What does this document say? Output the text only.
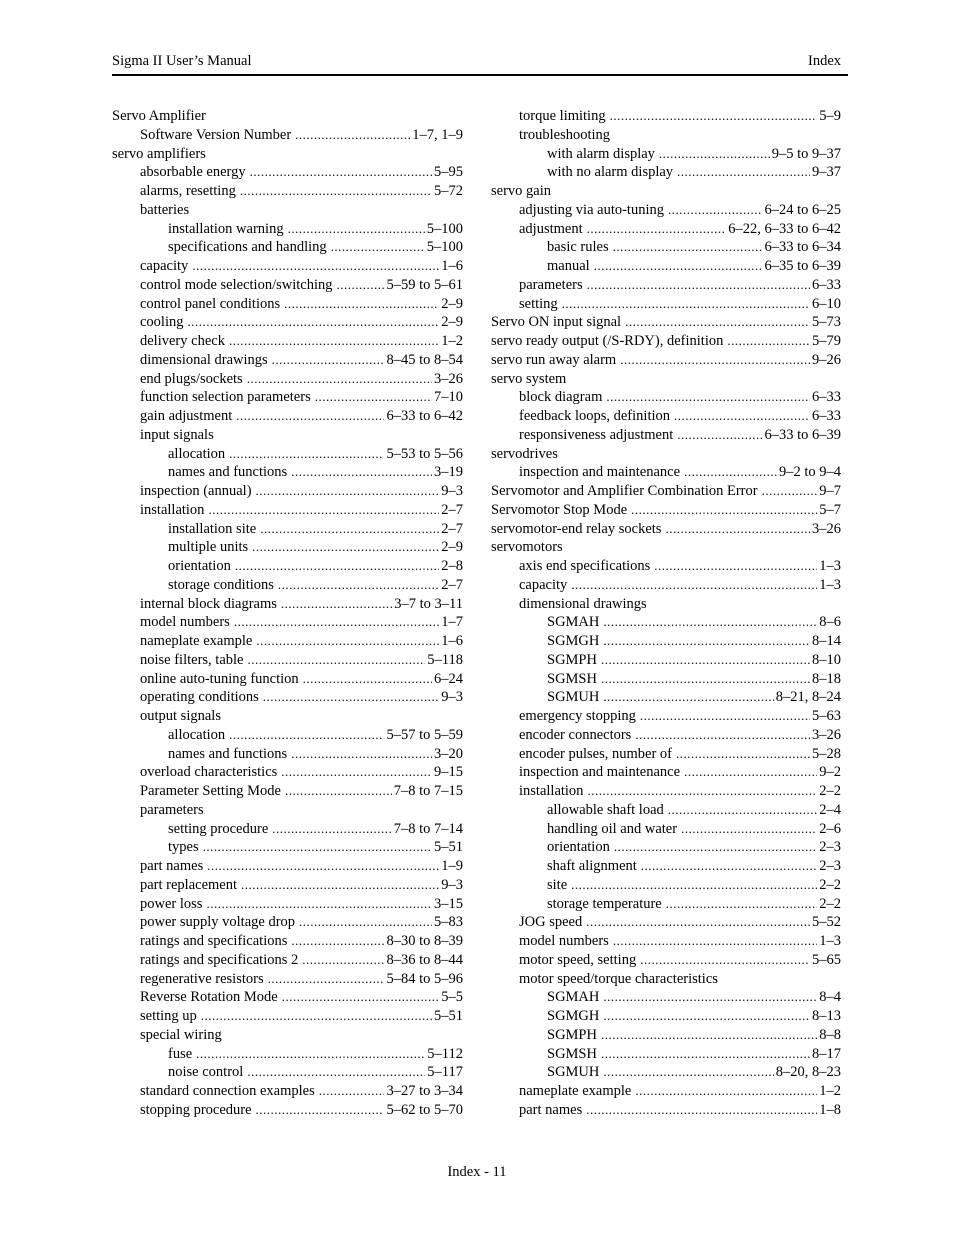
Sigma II User’s Manual	Index
Servo Amplifier
Software Version Number .....	1–7, 1–9
servo amplifiers
absorbable energy .....	5–95
alarms, resetting .....	5–72
batteries
installation warning .....	5–100
specifications and handling .....	5–100
capacity .....	1–6
control mode selection/switching .....	5–59 to 5–61
control panel conditions .....	2–9
cooling .....	2–9
delivery check .....	1–2
dimensional drawings .....	8–45 to 8–54
end plugs/sockets .....	3–26
function selection parameters .....	7–10
gain adjustment .....	6–33 to 6–42
input signals
allocation .....	5–53 to 5–56
names and functions .....	3–19
inspection (annual) .....	9–3
installation .....	2–7
installation site .....	2–7
multiple units .....	2–9
orientation .....	2–8
storage conditions .....	2–7
internal block diagrams .....	3–7 to 3–11
model numbers .....	1–7
nameplate example .....	1–6
noise filters, table .....	5–118
online auto-tuning function .....	6–24
operating conditions .....	9–3
output signals
allocation .....	5–57 to 5–59
names and functions .....	3–20
overload characteristics .....	9–15
Parameter Setting Mode .....	7–8 to 7–15
parameters
setting procedure .....	7–8 to 7–14
types .....	5–51
part names .....	1–9
part replacement .....	9–3
power loss .....	3–15
power supply voltage drop .....	5–83
ratings and specifications .....	8–30 to 8–39
ratings and specifications 2 .....	8–36 to 8–44
regenerative resistors .....	5–84 to 5–96
Reverse Rotation Mode .....	5–5
setting up .....	5–51
special wiring
fuse .....	5–112
noise control .....	5–117
standard connection examples .....	3–27 to 3–34
stopping procedure .....	5–62 to 5–70
torque limiting .....	5–9
troubleshooting
with alarm display .....	9–5 to 9–37
with no alarm display .....	9–37
servo gain
adjusting via auto-tuning .....	6–24 to 6–25
adjustment .....	6–22, 6–33 to 6–42
basic rules .....	6–33 to 6–34
manual .....	6–35 to 6–39
parameters .....	6–33
setting .....	6–10
Servo ON input signal .....	5–73
servo ready output (/S-RDY), definition .....	5–79
servo run away alarm .....	9–26
servo system
block diagram .....	6–33
feedback loops, definition .....	6–33
responsiveness adjustment .....	6–33 to 6–39
servodrives
inspection and maintenance .....	9–2 to 9–4
Servomotor and Amplifier Combination Error .....	9–7
Servomotor Stop Mode .....	5–7
servomotor-end relay sockets .....	3–26
servomotors
axis end specifications .....	1–3
capacity .....	1–3
dimensional drawings
SGMAH .....	8–6
SGMGH .....	8–14
SGMPH .....	8–10
SGMSH .....	8–18
SGMUH .....	8–21, 8–24
emergency stopping .....	5–63
encoder connectors .....	3–26
encoder pulses, number of .....	5–28
inspection and maintenance .....	9–2
installation .....	2–2
allowable shaft load .....	2–4
handling oil and water .....	2–6
orientation .....	2–3
shaft alignment .....	2–3
site .....	2–2
storage temperature .....	2–2
JOG speed .....	5–52
model numbers .....	1–3
motor speed, setting .....	5–65
motor speed/torque characteristics
SGMAH .....	8–4
SGMGH .....	8–13
SGMPH .....	8–8
SGMSH .....	8–17
SGMUH .....	8–20, 8–23
nameplate example .....	1–2
part names .....	1–8
Index - 11
